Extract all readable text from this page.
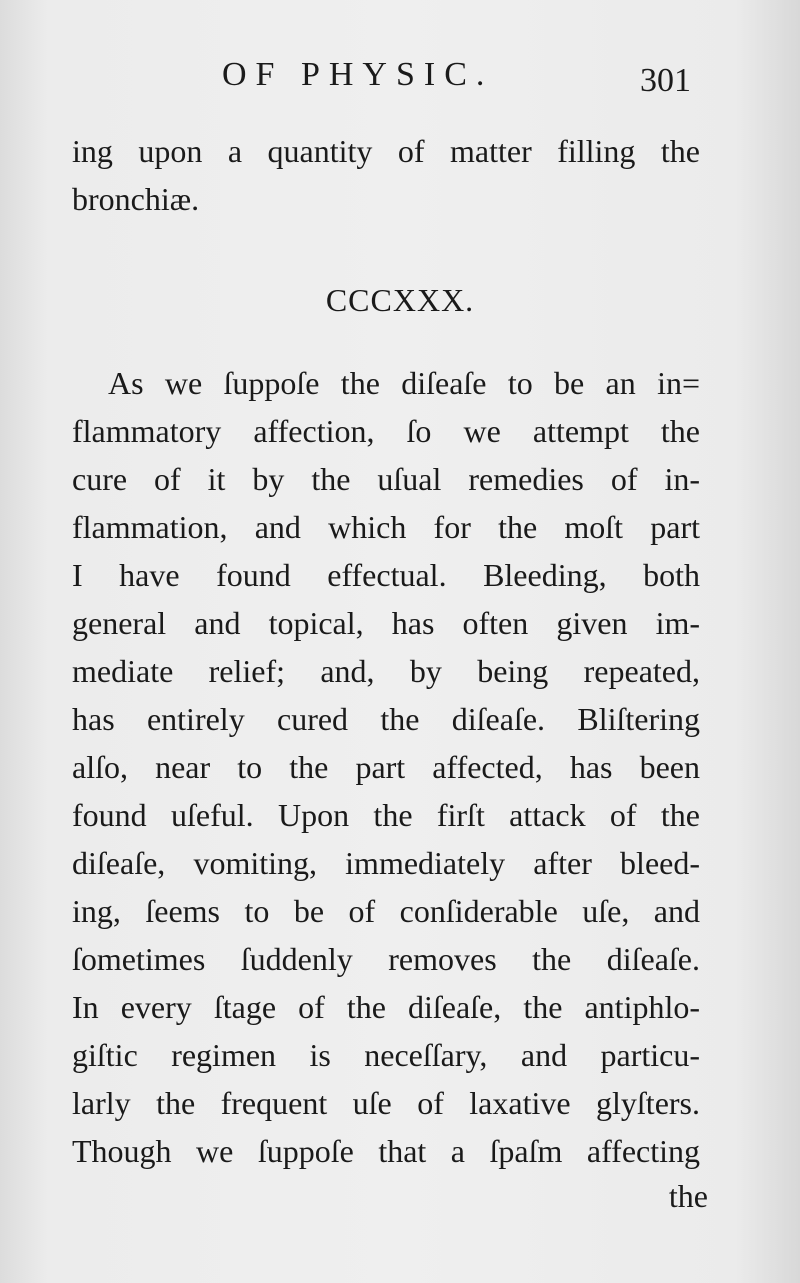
OF PHYSIC.	301
ing upon a quantity of matter filling the
bronchiæ.
CCCXXX.
As we ſuppoſe the diſeaſe to be an in=
flammatory affection, ſo we attempt the
cure of it by the uſual remedies of in-
flammation, and which for the moſt part
I have found effectual. Bleeding, both
general and topical, has often given im-
mediate relief; and, by being repeated,
has entirely cured the diſeaſe. Bliſtering
alſo, near to the part affected, has been
found uſeful. Upon the firſt attack of the
diſeaſe, vomiting, immediately after bleed-
ing, ſeems to be of conſiderable uſe, and
ſometimes ſuddenly removes the diſeaſe.
In every ſtage of the diſeaſe, the antiphlo-
giſtic regimen is neceſſary, and particu-
larly the frequent uſe of laxative glyſters.
Though we ſuppoſe that a ſpaſm affecting
the
